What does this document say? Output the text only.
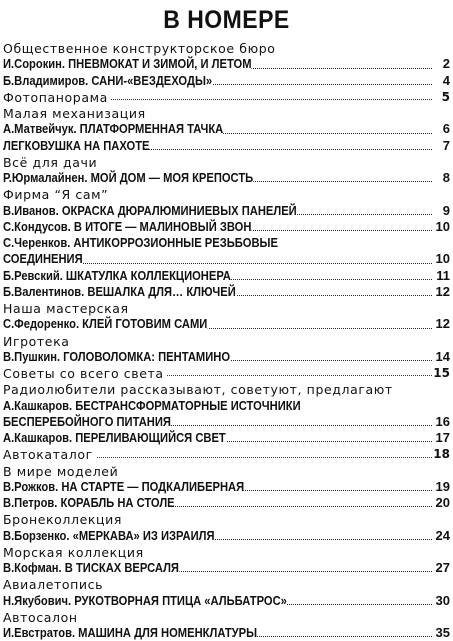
В НОМЕРЕ
Общественное конструкторское бюро
И.Сорокин. ПНЕВМОКАТ И ЗИМОЙ, И ЛЕТОМ	2
Б.Владимиров. САНИ-«ВЕЗДЕХОДЫ»	4
Фотопанорама	5
Малая механизация
А.Матвейчук. ПЛАТФОРМЕННАЯ ТАЧКА	6
ЛЕГКОВУШКА НА ПАХОТЕ	7
Всё для дачи
Р.Юрмалайнен. МОЙ ДОМ — МОЯ КРЕПОСТЬ	8
Фирма “Я сам”
В.Иванов. ОКРАСКА ДЮРАЛЮМИНИЕВЫХ ПАНЕЛЕЙ	9
С.Кондусов. В ИТОГЕ — МАЛИНОВЫЙ ЗВОН	10
С.Черенков. АНТИКОРРОЗИОННЫЕ РЕЗЬБОВЫЕ
СОЕДИНЕНИЯ	10
Б.Ревский. ШКАТУЛКА КОЛЛЕКЦИОНЕРА	11
Б.Валентинов. ВЕШАЛКА ДЛЯ… КЛЮЧЕЙ	12
Наша мастерская
С.Федоренко. КЛЕЙ ГОТОВИМ САМИ	12
Игротека
В.Пушкин. ГОЛОВОЛОМКА: ПЕНТАМИНО	14
Советы со всего света	15
Радиолюбители рассказывают, советуют, предлагают
А.Кашкаров. БЕСТРАНСФОРМАТОРНЫЕ ИСТОЧНИКИ
БЕСПЕРЕБОЙНОГО ПИТАНИЯ	16
А.Кашкаров. ПЕРЕЛИВАЮЩИЙСЯ СВЕТ	17
Автокаталог	18
В мире моделей
В.Рожков. НА СТАРТЕ — ПОДКАЛИБЕРНАЯ	19
В.Петров. КОРАБЛЬ НА СТОЛЕ	20
Бронеколлекция
В.Борзенко. «МЕРКАВА» ИЗ ИЗРАИЛЯ	24
Морская коллекция
В.Кофман. В ТИСКАХ ВЕРСАЛЯ	27
Авиалетопись
Н.Якубович. РУКОТВОРНАЯ ПТИЦА «АЛЬБАТРОС»	30
Автосалон
И.Евстратов. МАШИНА ДЛЯ НОМЕНКЛАТУРЫ	35
